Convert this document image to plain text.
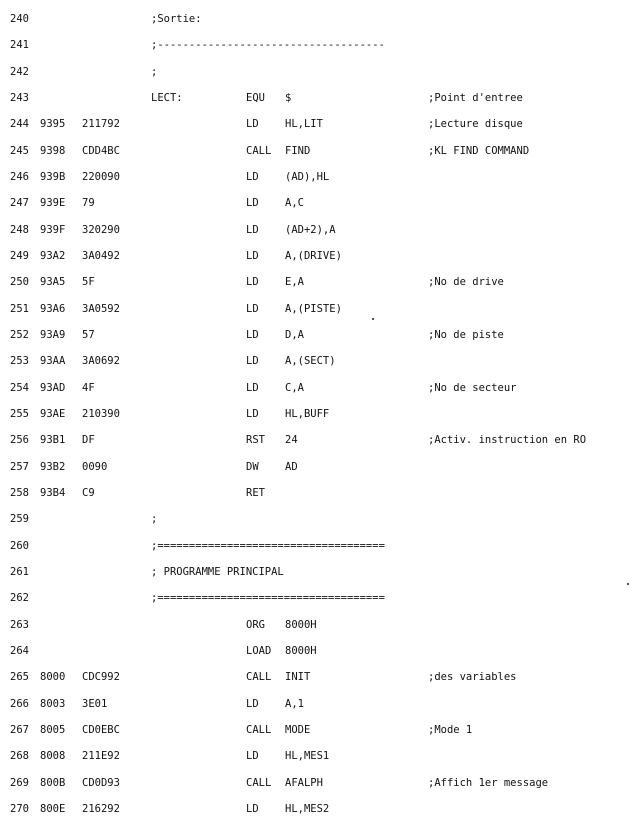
240	;Sortie:
241	;------------------------------------
242	;
243	LECT:	EQU $	;Point d'entree
244 9395 211792	LD	HL,LIT	;Lecture disque
245 9398 CDD4BC	CALL FIND	;KL FIND COMMAND
246 939B 220090	LD	(AD),HL
247 939E 79	LD	A,C
248 939F 320290	LD	(AD+2),A
249 93A2 3A0492	LD	A,(DRIVE)
250 93A5 5F	LD	E,A	;No de drive
251 93A6 3A0592	LD	A,(PISTE)
252 93A9 57	LD	D,A	;No de piste
253 93AA 3A0692	LD	A,(SECT)
254 93AD 4F	LD	C,A	;No de secteur
255 93AE 210390	LD	HL,BUFF
256 93B1 DF	RST 24	;Activ. instruction en RO
257 93B2 0090	DW	AD
258 93B4 C9	RET
259	;
260	;====================================
261	; PROGRAMME PRINCIPAL
262	;====================================
263	ORG 8000H
264	LOAD 8000H
265 8000 CDC992	CALL INIT	;des variables
266 8003 3E01	LD	A,1
267 8005 CD0EBC	CALL MODE	;Mode 1
268 8008 211E92	LD	HL,MES1
269 800B CD0D93	CALL AFALPH	;Affich 1er message
270 800E 216292	LD	HL,MES2
